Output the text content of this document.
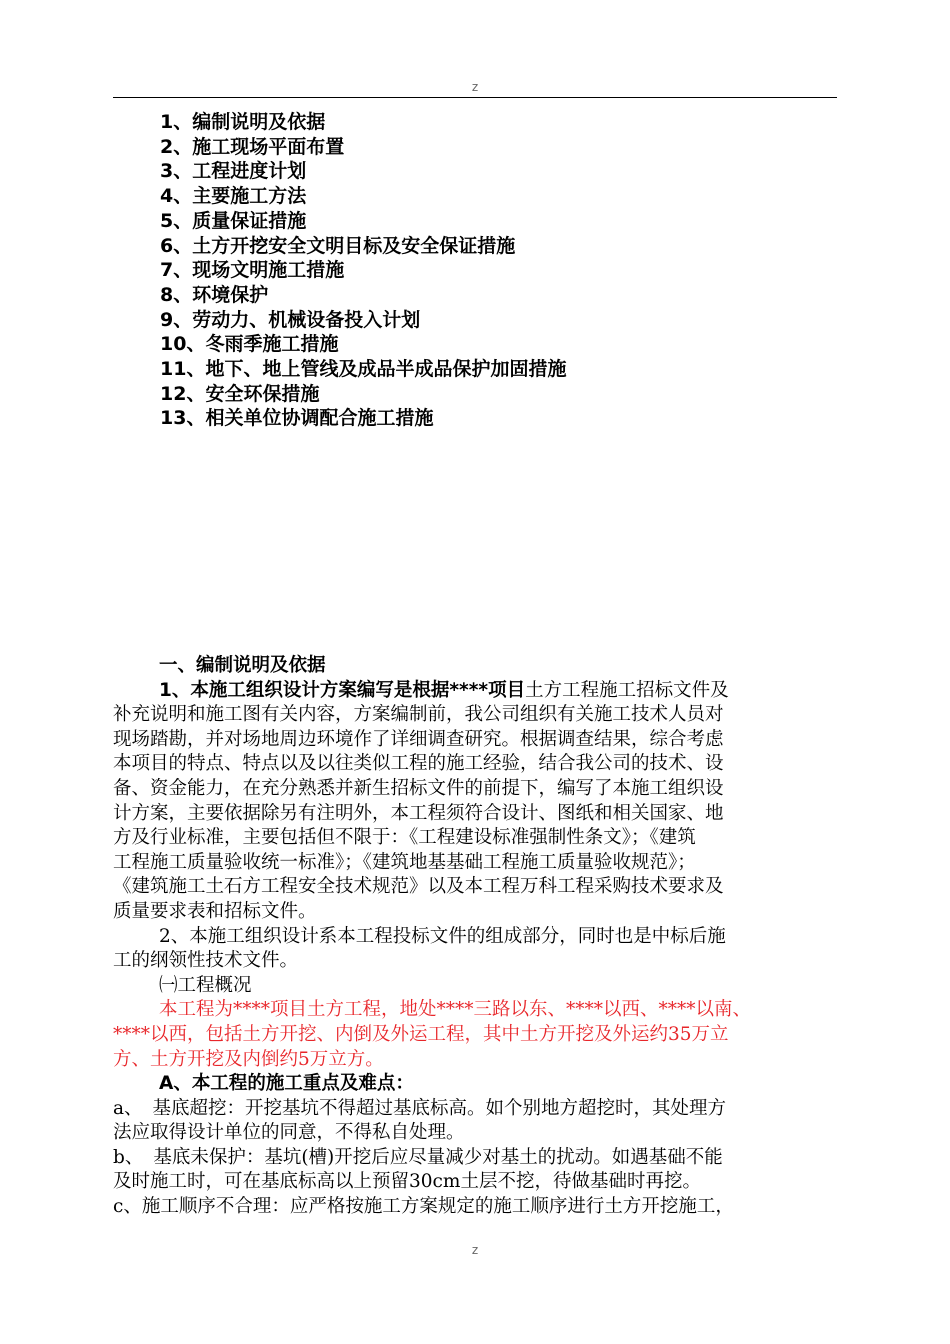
z
1、编制说明及依据
2、施工现场平面布置
3、工程进度计划
4、主要施工方法
5、质量保证措施
6、土方开挖安全文明目标及安全保证措施
7、现场文明施工措施
8、环境保护
9、劳动力、机械设备投入计划
10、冬雨季施工措施
11、地下、地上管线及成品半成品保护加固措施
12、安全环保措施
13、相关单位协调配合施工措施
一、编制说明及依据
1、本施工组织设计方案编写是根据****项目土方工程施工招标文件及
补充说明和施工图有关内容，方案编制前，我公司组织有关施工技术人员对
现场踏勘，并对场地周边环境作了详细调查研究。根据调查结果，综合考虑
本项目的特点、特点以及以往类似工程的施工经验，结合我公司的技术、设
备、资金能力，在充分熟悉并新生招标文件的前提下，编写了本施工组织设
计方案，主要依据除另有注明外，本工程须符合设计、图纸和相关国家、地
方及行业标准，主要包括但不限于：《工程建设标准强制性条文》；《建筑
工程施工质量验收统一标准》；《建筑地基基础工程施工质量验收规范》；
《建筑施工土石方工程安全技术规范》以及本工程万科工程采购技术要求及
质量要求表和招标文件。
2、本施工组织设计系本工程投标文件的组成部分，同时也是中标后施
工的纲领性技术文件。
㈠工程概况
本工程为****项目土方工程，地处****三路以东、****以西、****以南、
****以西，包括土方开挖、内倒及外运工程，其中土方开挖及外运约35万立
方、土方开挖及内倒约5万立方。
A、本工程的施工重点及难点：
a、 基底超挖：开挖基坑不得超过基底标高。如个别地方超挖时，其处理方
法应取得设计单位的同意，不得私自处理。
b、 基底未保护：基坑(槽)开挖后应尽量减少对基土的扰动。如遇基础不能
及时施工时，可在基底标高以上预留30cm土层不挖，待做基础时再挖。
c、施工顺序不合理：应严格按施工方案规定的施工顺序进行土方开挖施工，
z
